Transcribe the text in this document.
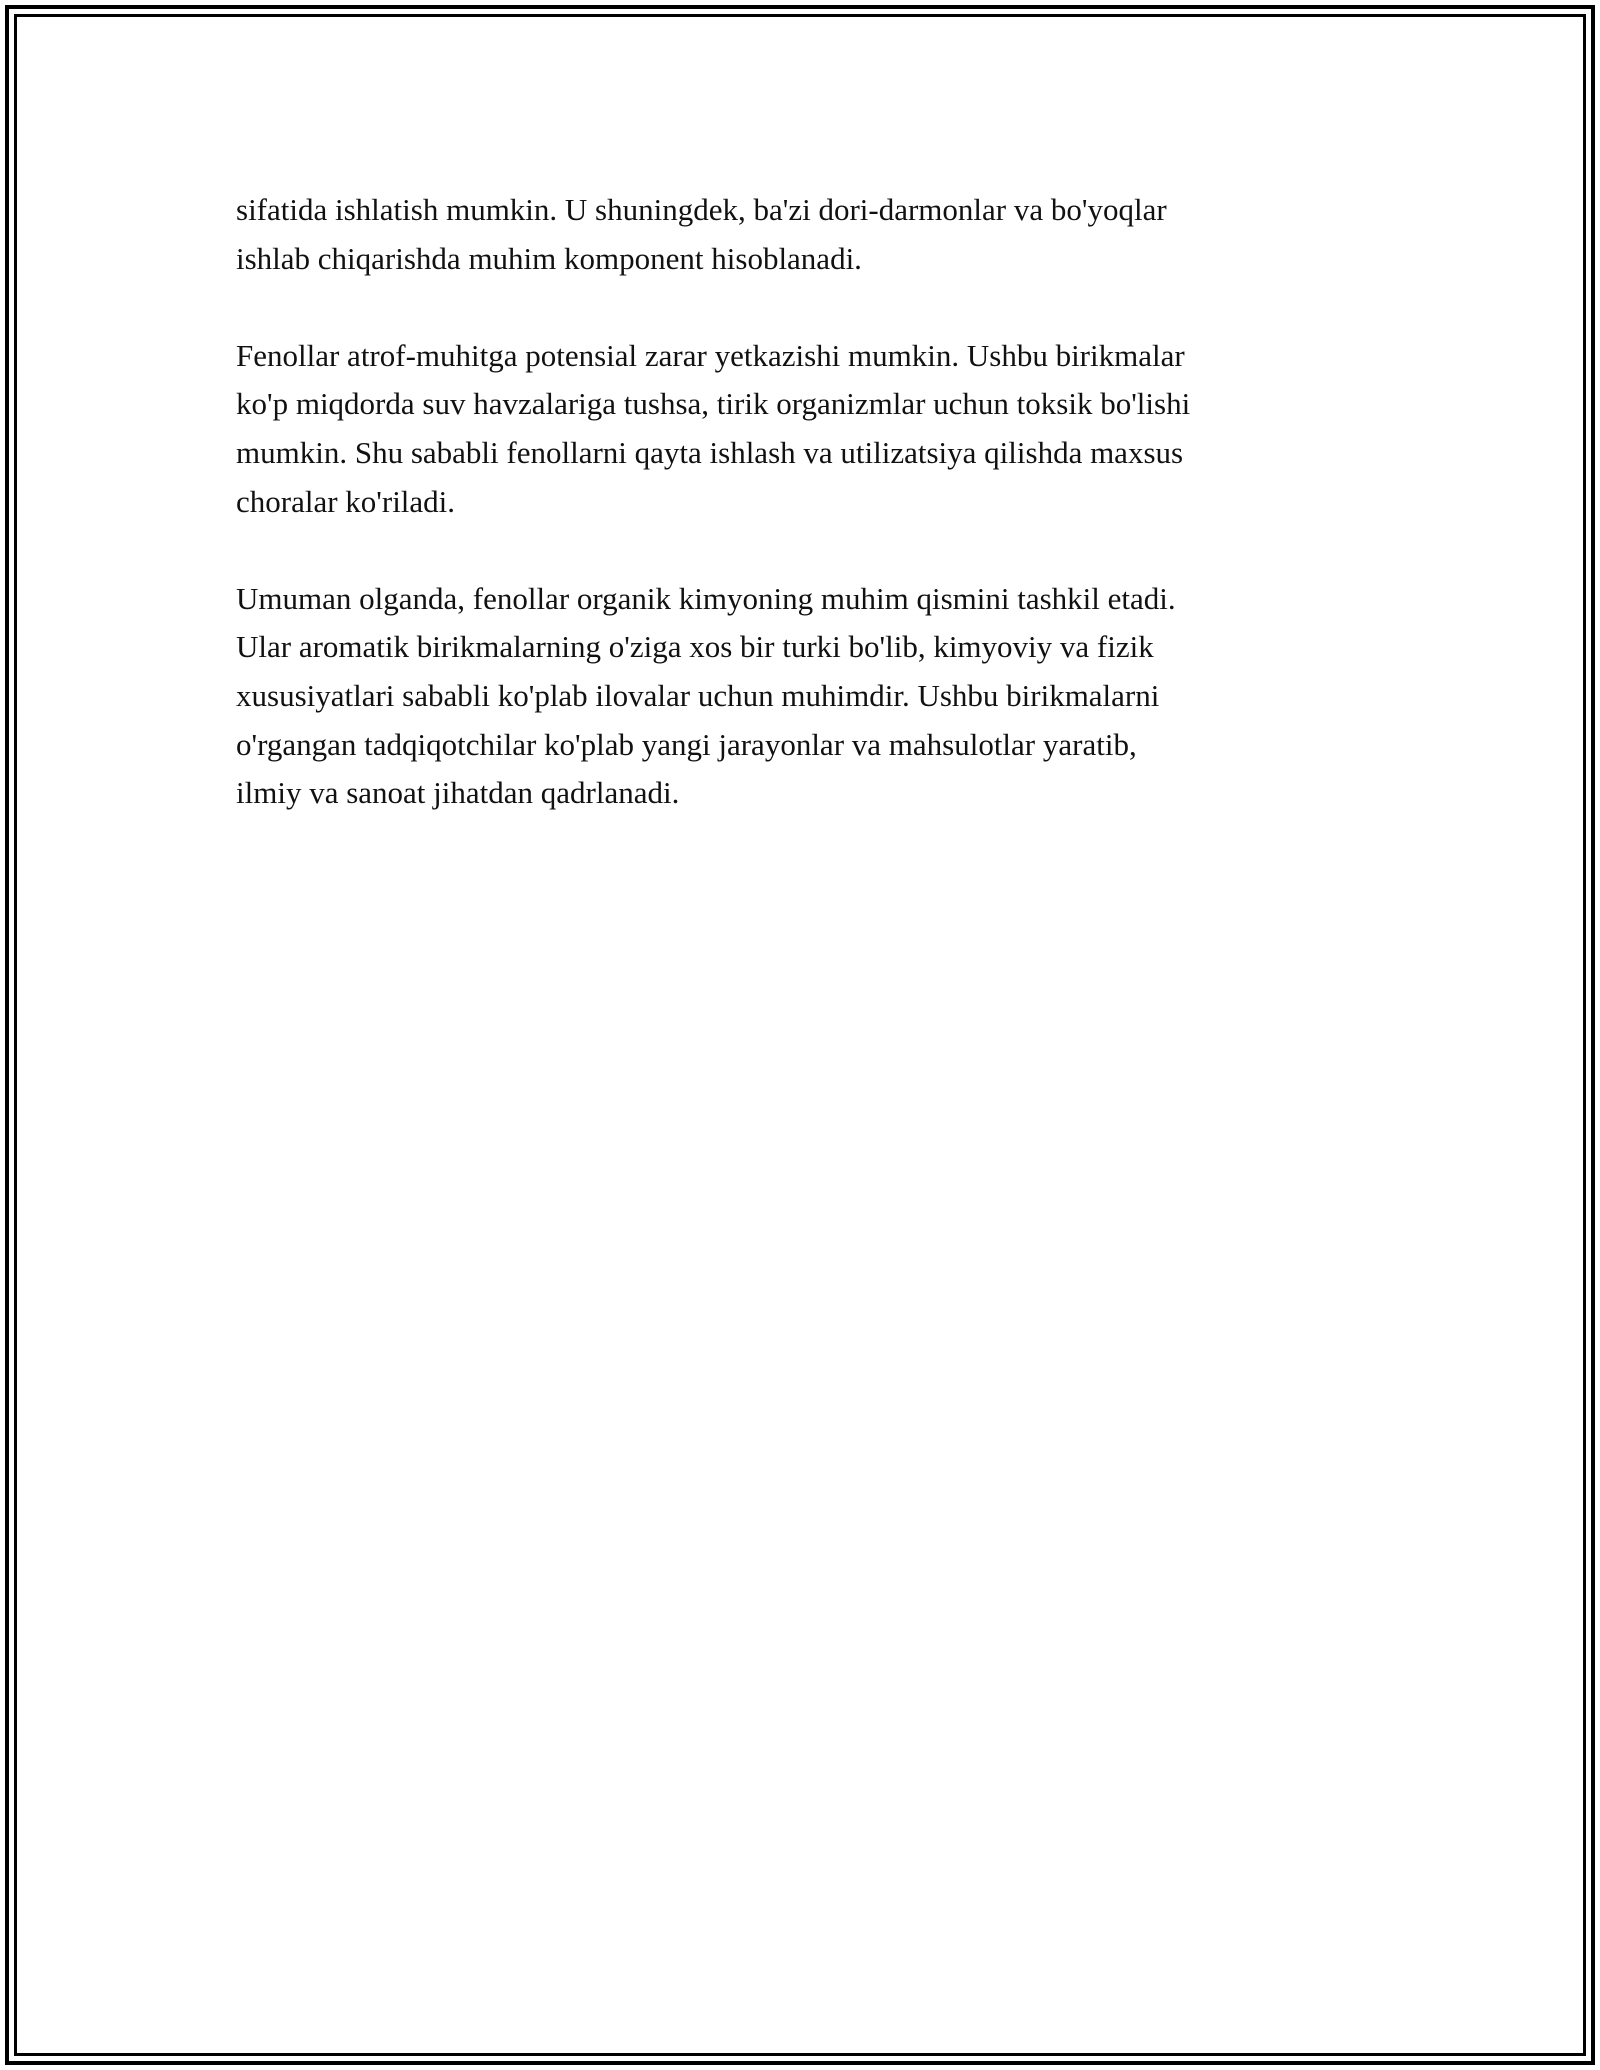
sifatida ishlatish mumkin. U shuningdek, ba'zi dori-darmonlar va bo'yoqlar
ishlab chiqarishda muhim komponent hisoblanadi.

Fenollar atrof-muhitga potensial zarar yetkazishi mumkin. Ushbu birikmalar
ko'p miqdorda suv havzalariga tushsa, tirik organizmlar uchun toksik bo'lishi
mumkin. Shu sababli fenollarni qayta ishlash va utilizatsiya qilishda maxsus
choralar ko'riladi.

Umuman olganda, fenollar organik kimyoning muhim qismini tashkil etadi.
Ular aromatik birikmalarning o'ziga xos bir turki bo'lib, kimyoviy va fizik
xususiyatlari sababli ko'plab ilovalar uchun muhimdir. Ushbu birikmalarni
o'rgangan tadqiqotchilar ko'plab yangi jarayonlar va mahsulotlar yaratib,
ilmiy va sanoat jihatdan qadrlanadi.
